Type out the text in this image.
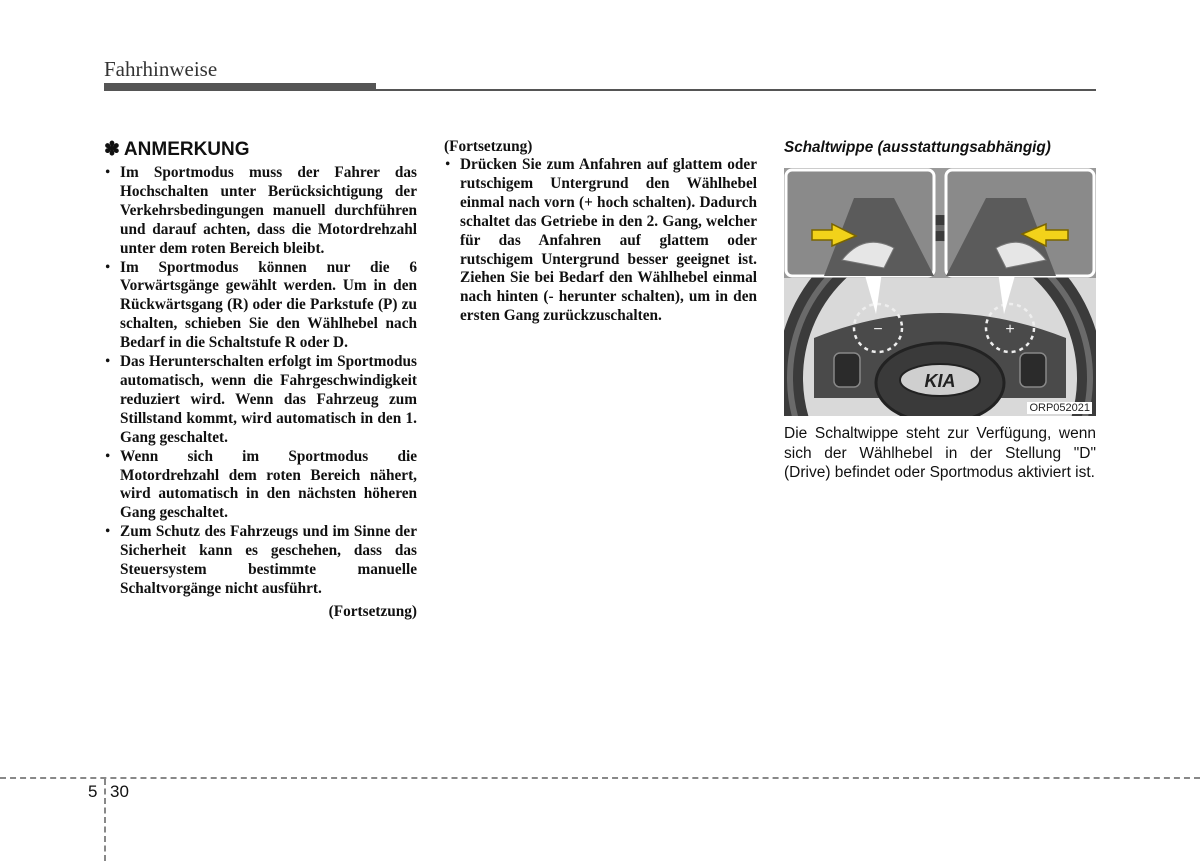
Fahrhinweise
✽ ANMERKUNG
• Im Sportmodus muss der Fahrer das Hochschalten unter Berücksichtigung der Verkehrsbedingungen manuell durchführen und darauf achten, dass die Motordrehzahl unter dem roten Bereich bleibt.
• Im Sportmodus können nur die 6 Vorwärtsgänge gewählt werden. Um in den Rückwärtsgang (R) oder die Parkstufe (P) zu schalten, schieben Sie den Wählhebel nach Bedarf in die Schaltstufe R oder D.
• Das Herunterschalten erfolgt im Sportmodus automatisch, wenn die Fahrgeschwindigkeit reduziert wird. Wenn das Fahrzeug zum Stillstand kommt, wird automatisch in den 1. Gang geschaltet.
• Wenn sich im Sportmodus die Motordrehzahl dem roten Bereich nähert, wird automatisch in den nächsten höheren Gang geschaltet.
• Zum Schutz des Fahrzeugs und im Sinne der Sicherheit kann es geschehen, dass das Steuersystem bestimmte manuelle Schaltvorgänge nicht ausführt.
(Fortsetzung)
(Fortsetzung)
• Drücken Sie zum Anfahren auf glattem oder rutschigem Untergrund den Wählhebel einmal nach vorn (+ hoch schalten). Dadurch schaltet das Getriebe in den 2. Gang, welcher für das Anfahren auf glattem oder rutschigem Untergrund besser geeignet ist. Ziehen Sie bei Bedarf den Wählhebel einmal nach hinten (- herunter schalten), um in den ersten Gang zurückzuschalten.
Schaltwippe (ausstattungsabhängig)
KIA
−	+
ORP052021
Die Schaltwippe steht zur Verfügung, wenn sich der Wählhebel in der Stellung "D" (Drive) befindet oder Sportmodus aktiviert ist.
5 30
